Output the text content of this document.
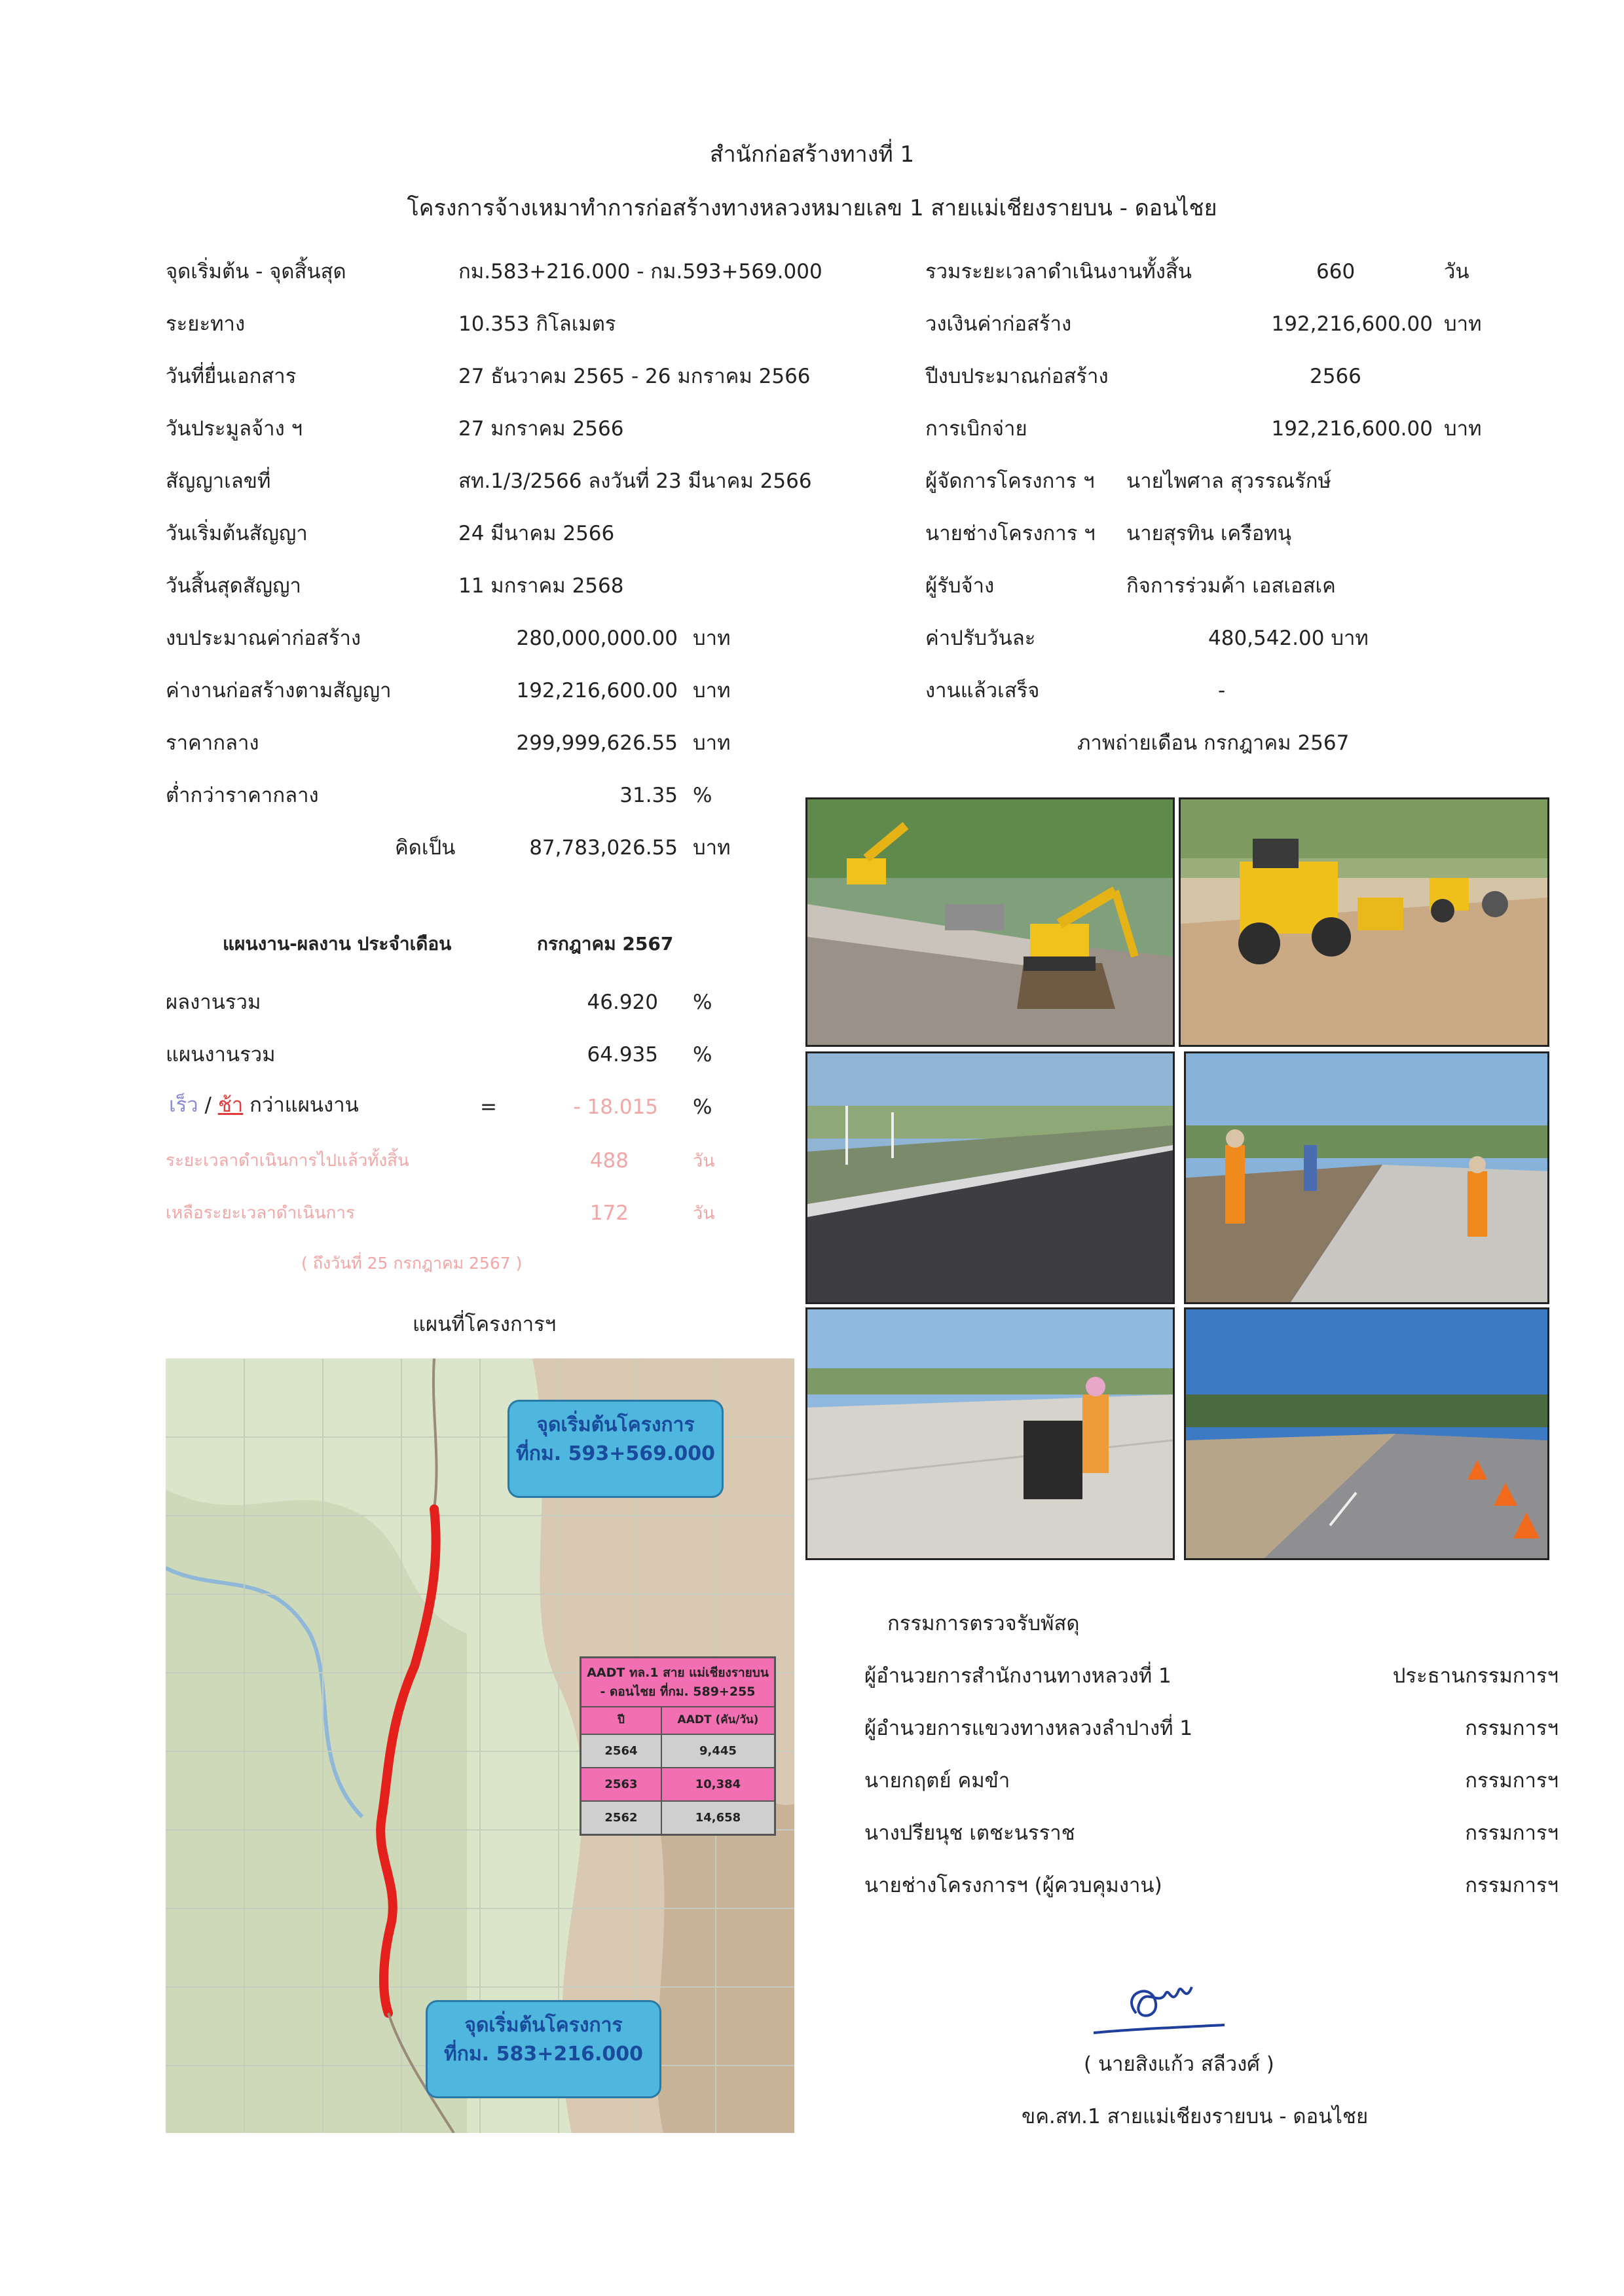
สำนักก่อสร้างทางที่ 1
โครงการจ้างเหมาทำการก่อสร้างทางหลวงหมายเลข 1 สายแม่เชียงรายบน - ดอนไชย
จุดเริ่มต้น - จุดสิ้นสุด	กม.583+216.000 - กม.593+569.000
ระยะทาง	10.353 กิโลเมตร
วันที่ยื่นเอกสาร	27 ธันวาคม 2565 - 26 มกราคม 2566
วันประมูลจ้าง ฯ	27 มกราคม 2566
สัญญาเลขที่	สท.1/3/2566 ลงวันที่ 23 มีนาคม 2566
วันเริ่มต้นสัญญา	24 มีนาคม 2566
วันสิ้นสุดสัญญา	11 มกราคม 2568
งบประมาณค่าก่อสร้าง	280,000,000.00 บาท
ค่างานก่อสร้างตามสัญญา	192,216,600.00 บาท
ราคากลาง	299,999,626.55 บาท
ต่ำกว่าราคากลาง	31.35 %
คิดเป็น	87,783,026.55 บาท
รวมระยะเวลาดำเนินงานทั้งสิ้น	660	วัน
วงเงินค่าก่อสร้าง	192,216,600.00 บาท
ปีงบประมาณก่อสร้าง	2566
การเบิกจ่าย	192,216,600.00 บาท
ผู้จัดการโครงการ ฯ นายไพศาล สุวรรณรักษ์
นายช่างโครงการ ฯ นายสุรทิน เครือทนุ
ผู้รับจ้าง	กิจการร่วมค้า เอสเอสเค
ค่าปรับวันละ	480,542.00 บาท
งานแล้วเสร็จ	-
ภาพถ่ายเดือน กรกฎาคม 2567
แผนงาน-ผลงาน ประจำเดือน	กรกฎาคม 2567
ผลงานรวม	46.920 %
แผนงานรวม	64.935 %
เร็ว / ช้า กว่าแผนงาน	=	- 18.015 %
ระยะเวลาดำเนินการไปแล้วทั้งสิ้น	488	วัน
เหลือระยะเวลาดำเนินการ	172	วัน
( ถึงวันที่ 25 กรกฎาคม 2567 )
แผนที่โครงการฯ
จุดเริ่มต้นโครงการ
ที่กม. 593+569.000
จุดเริ่มต้นโครงการ
ที่กม. 583+216.000
AADT ทล.1 สาย แม่เชียงรายบน - ดอนไชย ที่กม. 589+255
ปี	AADT (คัน/วัน)
2564	9,445
2563	10,384
2562	14,658
กรรมการตรวจรับพัสดุ
ผู้อำนวยการสำนักงานทางหลวงที่ 1	ประธานกรรมการฯ
ผู้อำนวยการแขวงทางหลวงลำปางที่ 1	กรรมการฯ
นายกฤตย์ คมขำ	กรรมการฯ
นางปรียนุช เตชะนรราช	กรรมการฯ
นายช่างโครงการฯ (ผู้ควบคุมงาน)	กรรมการฯ
( นายสิงแก้ว สลีวงศ์ )
ขค.สท.1 สายแม่เชียงรายบน - ดอนไชย
